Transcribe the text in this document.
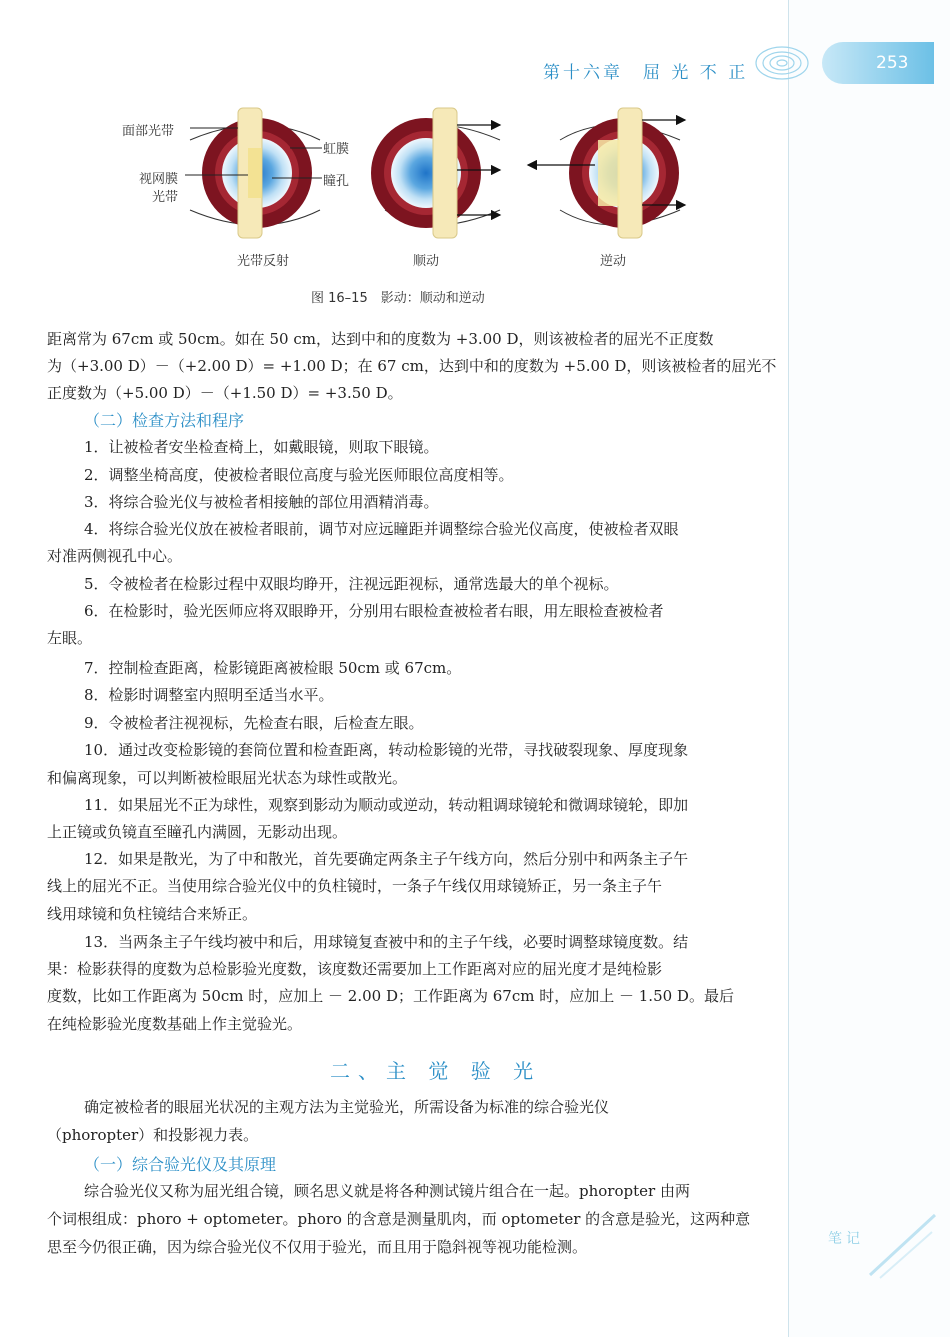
第十六章　屈 光 不 正	253
面部光带
视网膜
光带
虹膜
瞳孔
光带反射	顺动	逆动
图 16–15　影动：顺动和逆动
距离常为 67cm 或 50cm。如在 50 cm，达到中和的度数为 +3.00 D，则该被检者的屈光不正度数
为（+3.00 D）－（+2.00 D）= +1.00 D；在 67 cm，达到中和的度数为 +5.00 D，则该被检者的屈光不
正度数为（+5.00 D）－（+1.50 D）= +3.50 D。
（二）检查方法和程序
1．让被检者安坐检查椅上，如戴眼镜，则取下眼镜。
2．调整坐椅高度，使被检者眼位高度与验光医师眼位高度相等。
3．将综合验光仪与被检者相接触的部位用酒精消毒。
4．将综合验光仪放在被检者眼前，调节对应远瞳距并调整综合验光仪高度，使被检者双眼
对准两侧视孔中心。
5．令被检者在检影过程中双眼均睁开，注视远距视标，通常选最大的单个视标。
6．在检影时，验光医师应将双眼睁开，分别用右眼检查被检者右眼，用左眼检查被检者
左眼。
7．控制检查距离，检影镜距离被检眼 50cm 或 67cm。
8．检影时调整室内照明至适当水平。
9．令被检者注视视标，先检查右眼，后检查左眼。
10．通过改变检影镜的套筒位置和检查距离，转动检影镜的光带，寻找破裂现象、厚度现象
和偏离现象，可以判断被检眼屈光状态为球性或散光。
11．如果屈光不正为球性，观察到影动为顺动或逆动，转动粗调球镜轮和微调球镜轮，即加
上正镜或负镜直至瞳孔内满圆，无影动出现。
12．如果是散光，为了中和散光，首先要确定两条主子午线方向，然后分别中和两条主子午
线上的屈光不正。当使用综合验光仪中的负柱镜时，一条子午线仅用球镜矫正，另一条主子午
线用球镜和负柱镜结合来矫正。
13．当两条主子午线均被中和后，用球镜复查被中和的主子午线，必要时调整球镜度数。结
果：检影获得的度数为总检影验光度数，该度数还需要加上工作距离对应的屈光度才是纯检影
度数，比如工作距离为 50cm 时，应加上 － 2.00 D；工作距离为 67cm 时，应加上 － 1.50 D。最后
在纯检影验光度数基础上作主觉验光。
二、主 觉 验 光
确定被检者的眼屈光状况的主观方法为主觉验光，所需设备为标准的综合验光仪
（phoropter）和投影视力表。
（一）综合验光仪及其原理
综合验光仪又称为屈光组合镜，顾名思义就是将各种测试镜片组合在一起。phoropter 由两
个词根组成：phoro + optometer。phoro 的含意是测量肌肉，而 optometer 的含意是验光，这两种意
思至今仍很正确，因为综合验光仪不仅用于验光，而且用于隐斜视等视功能检测。	笔记
